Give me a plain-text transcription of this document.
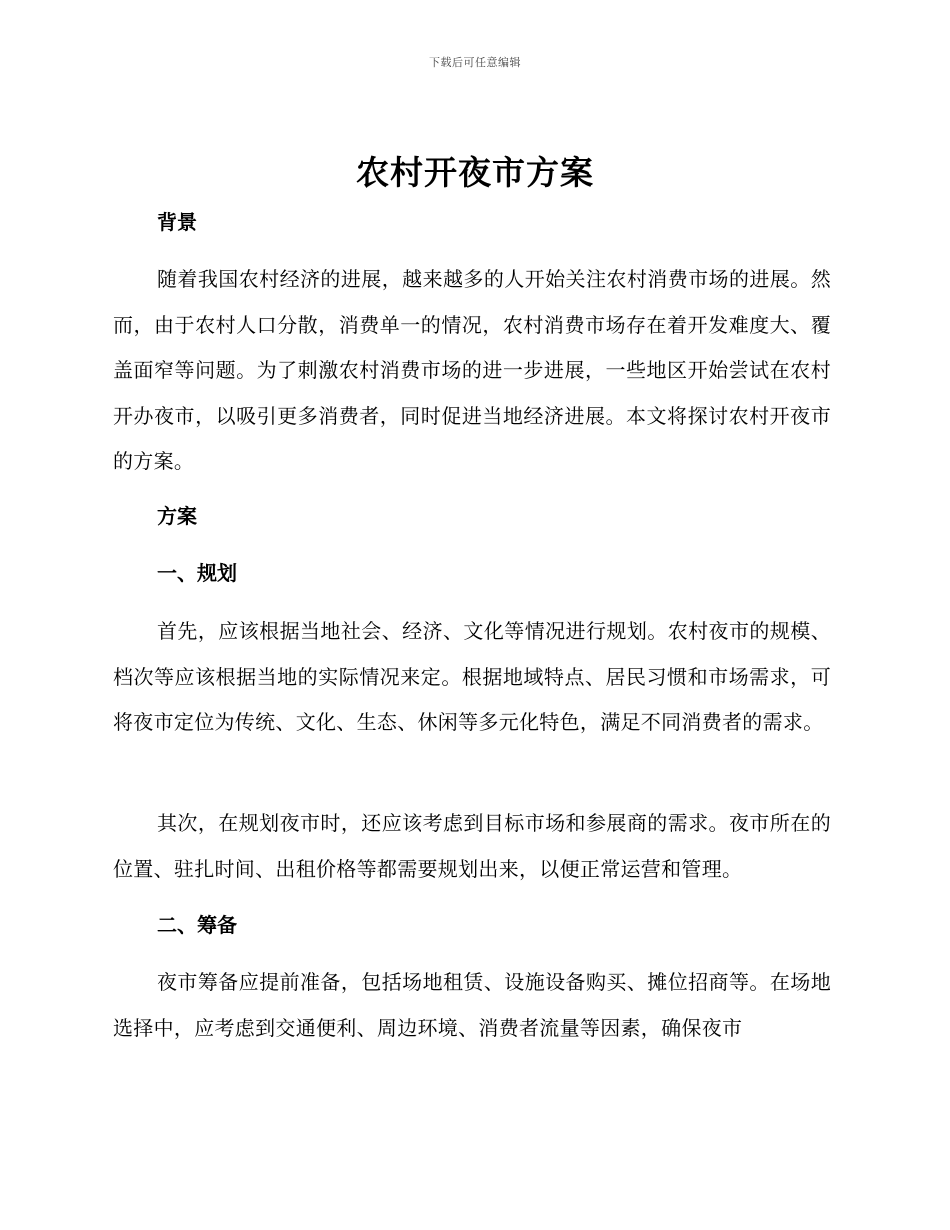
下载后可任意编辑
农村开夜市方案
背景

随着我国农村经济的进展，越来越多的人开始关注农村消费市场的进展。然而，由于农村人口分散，消费单一的情况，农村消费市场存在着开发难度大、覆盖面窄等问题。为了刺激农村消费市场的进一步进展，一些地区开始尝试在农村开办夜市，以吸引更多消费者，同时促进当地经济进展。本文将探讨农村开夜市的方案。

方案
一、规划

首先，应该根据当地社会、经济、文化等情况进行规划。农村夜市的规模、档次等应该根据当地的实际情况来定。根据地域特点、居民习惯和市场需求，可将夜市定位为传统、文化、生态、休闲等多元化特色，满足不同消费者的需求。

其次，在规划夜市时，还应该考虑到目标市场和参展商的需求。夜市所在的位置、驻扎时间、出租价格等都需要规划出来，以便正常运营和管理。

二、筹备

夜市筹备应提前准备，包括场地租赁、设施设备购买、摊位招商等。在场地选择中，应考虑到交通便利、周边环境、消费者流量等因素，确保夜市
